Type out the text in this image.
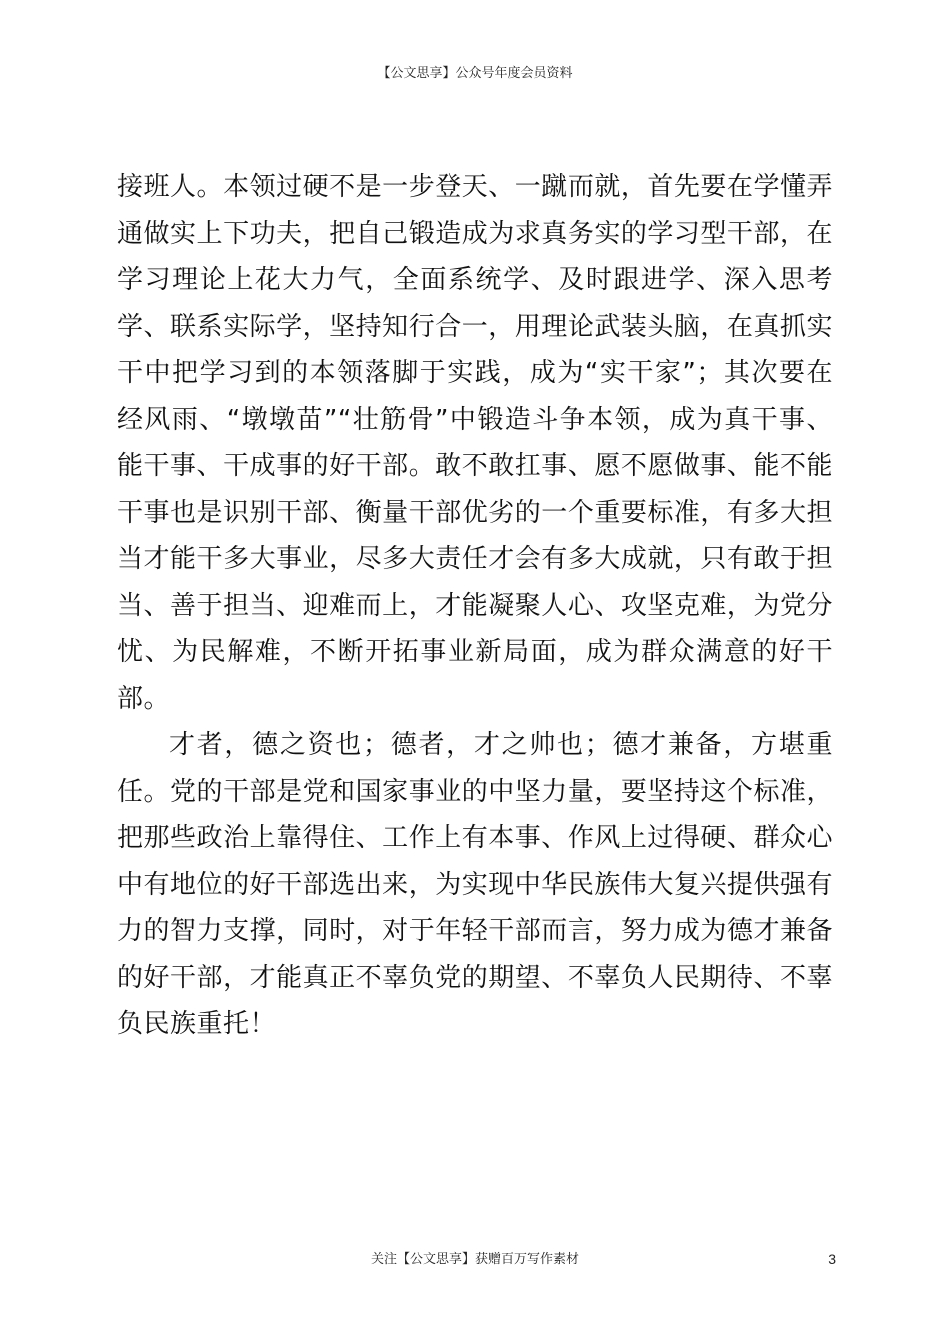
【公文思享】公众号年度会员资料

接班人。本领过硬不是一步登天、一蹴而就，首先要在学懂弄通做实上下功夫，把自己锻造成为求真务实的学习型干部，在学习理论上花大力气，全面系统学、及时跟进学、深入思考学、联系实际学，坚持知行合一，用理论武装头脑，在真抓实干中把学习到的本领落脚于实践，成为“实干家”；其次要在经风雨、“墩墩苗”“壮筋骨”中锻造斗争本领，成为真干事、能干事、干成事的好干部。敢不敢扛事、愿不愿做事、能不能干事也是识别干部、衡量干部优劣的一个重要标准，有多大担当才能干多大事业，尽多大责任才会有多大成就，只有敢于担当、善于担当、迎难而上，才能凝聚人心、攻坚克难，为党分忧、为民解难，不断开拓事业新局面，成为群众满意的好干部。

才者，德之资也；德者，才之帅也；德才兼备，方堪重任。党的干部是党和国家事业的中坚力量，要坚持这个标准，把那些政治上靠得住、工作上有本事、作风上过得硬、群众心中有地位的好干部选出来，为实现中华民族伟大复兴提供强有力的智力支撑，同时，对于年轻干部而言，努力成为德才兼备的好干部，才能真正不辜负党的期望、不辜负人民期待、不辜负民族重托！

关注【公文思享】获赠百万写作素材	3
